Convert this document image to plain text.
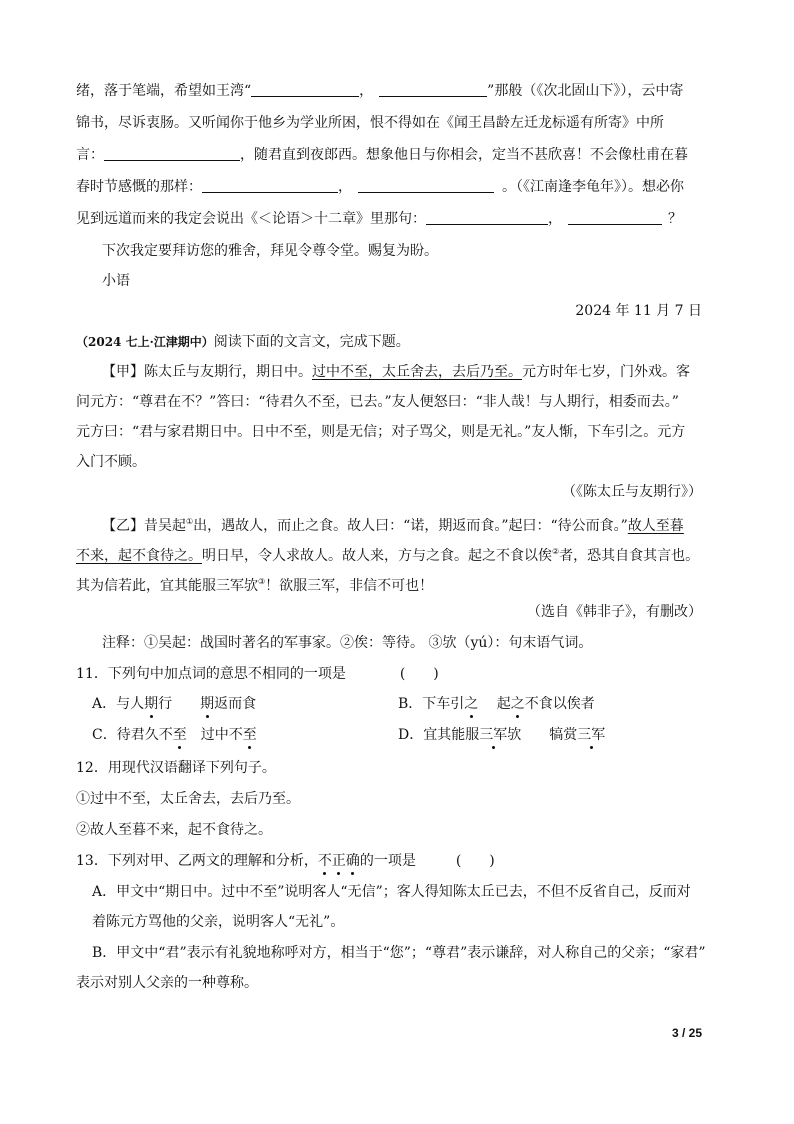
绪，落于笔端，希望如王湾“	，	”那般（《次北固山下》），云中寄
锦书，尽诉衷肠。又听闻你于他乡为学业所困，恨不得如在《闻王昌龄左迁龙标遥有所寄》中所
言：	，随君直到夜郎西。想象他日与你相会，定当不甚欣喜！不会像杜甫在暮
春时节感慨的那样：	，	。（《江南逢李龟年》）。想必你
见到远道而来的我定会说出《＜论语＞十二章》里那句：	，	？
下次我定要拜访您的雅舍，拜见令尊令堂。赐复为盼。
小语
2024 年 11 月 7 日
（2024 七上·江津期中）阅读下面的文言文，完成下题。
【甲】陈太丘与友期行，期日中。过中不至，太丘舍去，去后乃至。元方时年七岁，门外戏。客
问元方：“尊君在不？”答曰：“待君久不至，已去。”友人便怒曰：“非人哉！与人期行，相委而去。”
元方曰：“君与家君期日中。日中不至，则是无信；对子骂父，则是无礼。”友人惭，下车引之。元方
入门不顾。
（《陈太丘与友期行》）
【乙】昔吴起①出，遇故人，而止之食。故人曰：“诺，期返而食。”起曰：“待公而食。”故人至暮
不来，起不食待之。明日早，令人求故人。故人来，方与之食。起之不食以俟②者，恐其自食其言也。
其为信若此，宜其能服三军欤③！欲服三军，非信不可也！
（选自《韩非子》，有删改）
注释：①吴起：战国时著名的军事家。②俟：等待。 ③欤（yú）：句末语气词。
11．下列句中加点词的意思不相同的一项是	(　　)
A．与人期行　　期返而食	B．下车引之　 起之不食以俟者
C．待君久不至　过中不至	D．宜其能服三军欤　　犒赏三军
12．用现代汉语翻译下列句子。
①过中不至，太丘舍去，去后乃至。
②故人至暮不来，起不食待之。
13．下列对甲、乙两文的理解和分析，不正确的一项是	(　　)
A．甲文中“期日中。过中不至”说明客人“无信”；客人得知陈太丘已去，不但不反省自己，反而对
着陈元方骂他的父亲，说明客人“无礼”。
B．甲文中“君”表示有礼貌地称呼对方，相当于“您”；“尊君”表示谦辞，对人称自己的父亲；“家君”
表示对别人父亲的一种尊称。
3 / 25
